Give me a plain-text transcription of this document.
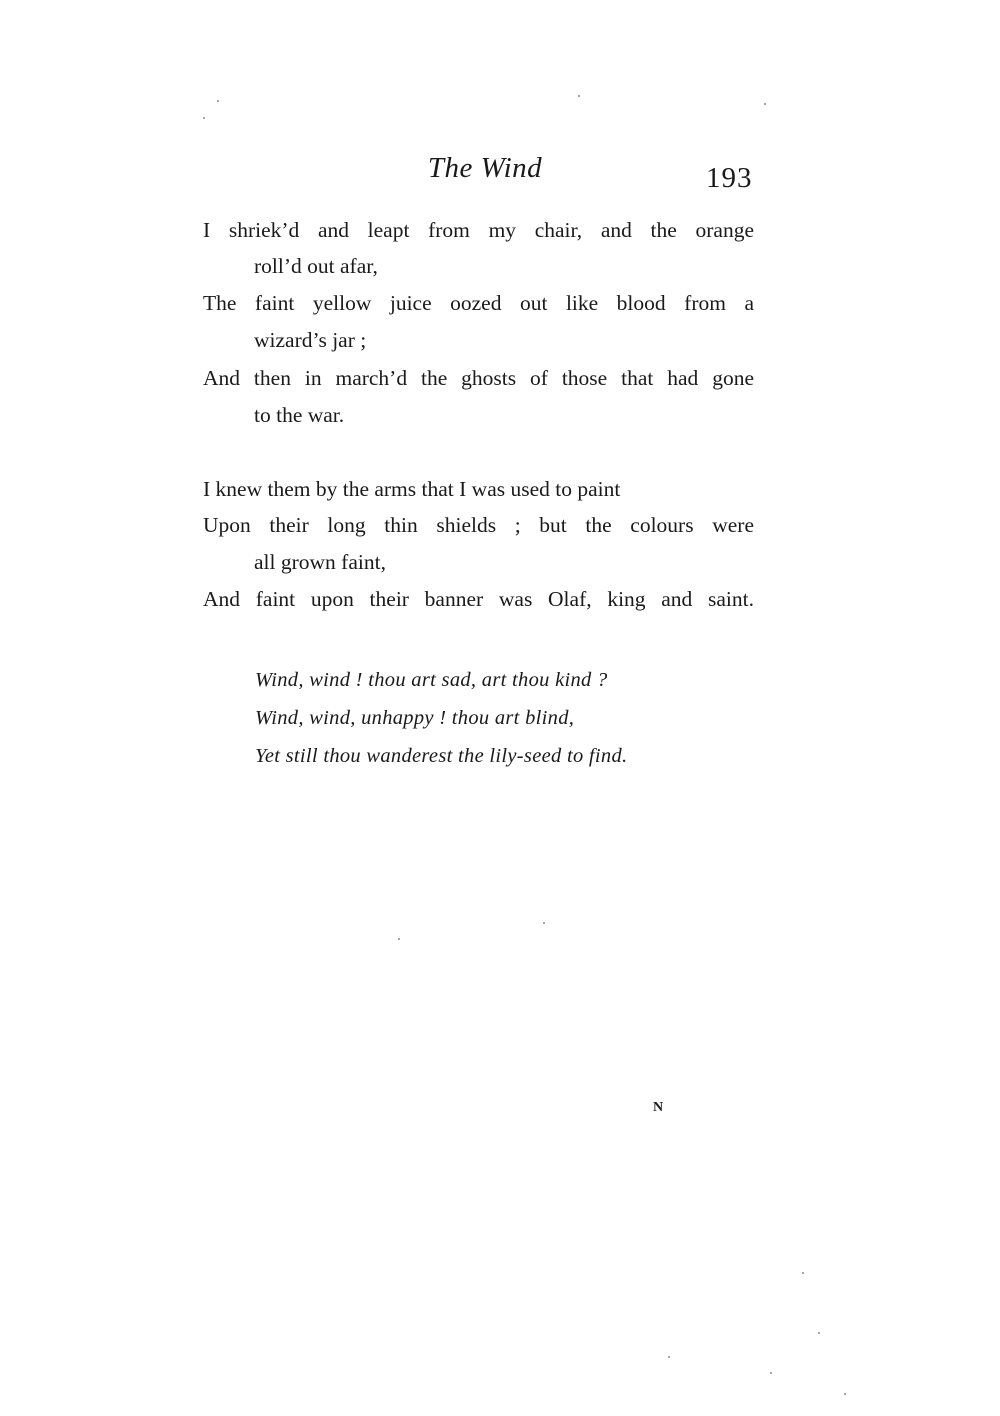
The Wind	193
I shriek’d and leapt from my chair, and the orange
roll’d out afar,
The faint yellow juice oozed out like blood from a
wizard’s jar ;
And then in march’d the ghosts of those that had gone
to the war.
I knew them by the arms that I was used to paint
Upon their long thin shields ; but the colours were
all grown faint,
And faint upon their banner was Olaf, king and saint.
Wind, wind ! thou art sad, art thou kind ?
Wind, wind, unhappy ! thou art blind,
Yet still thou wanderest the lily-seed to find.
N
